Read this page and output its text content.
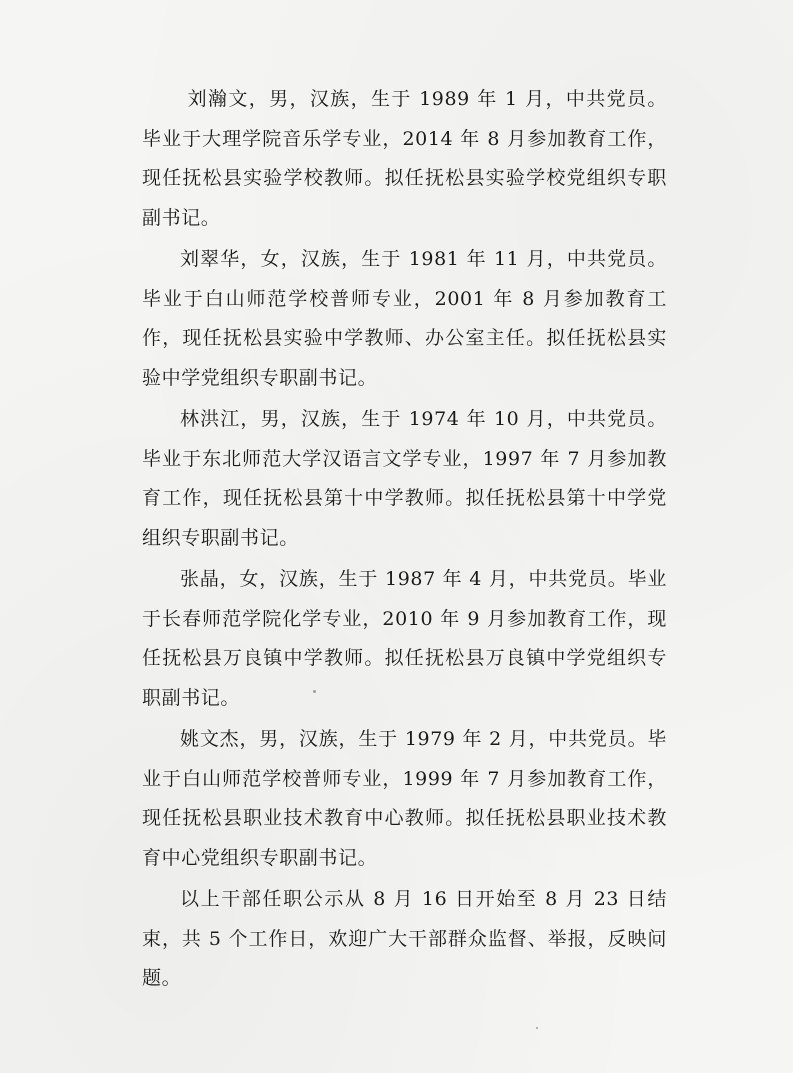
刘瀚文，男，汉族，生于 1989 年 1 月，中共党员。毕业于大理学院音乐学专业，2014 年 8 月参加教育工作，现任抚松县实验学校教师。拟任抚松县实验学校党组织专职副书记。

刘翠华，女，汉族，生于 1981 年 11 月，中共党员。毕业于白山师范学校普师专业，2001 年 8 月参加教育工作，现任抚松县实验中学教师、办公室主任。拟任抚松县实验中学党组织专职副书记。

林洪江，男，汉族，生于 1974 年 10 月，中共党员。毕业于东北师范大学汉语言文学专业，1997 年 7 月参加教育工作，现任抚松县第十中学教师。拟任抚松县第十中学党组织专职副书记。

张晶，女，汉族，生于 1987 年 4 月，中共党员。毕业于长春师范学院化学专业，2010 年 9 月参加教育工作，现任抚松县万良镇中学教师。拟任抚松县万良镇中学党组织专职副书记。

姚文杰，男，汉族，生于 1979 年 2 月，中共党员。毕业于白山师范学校普师专业，1999 年 7 月参加教育工作，现任抚松县职业技术教育中心教师。拟任抚松县职业技术教育中心党组织专职副书记。

以上干部任职公示从 8 月 16 日开始至 8 月 23 日结束，共 5 个工作日，欢迎广大干部群众监督、举报，反映问题。
